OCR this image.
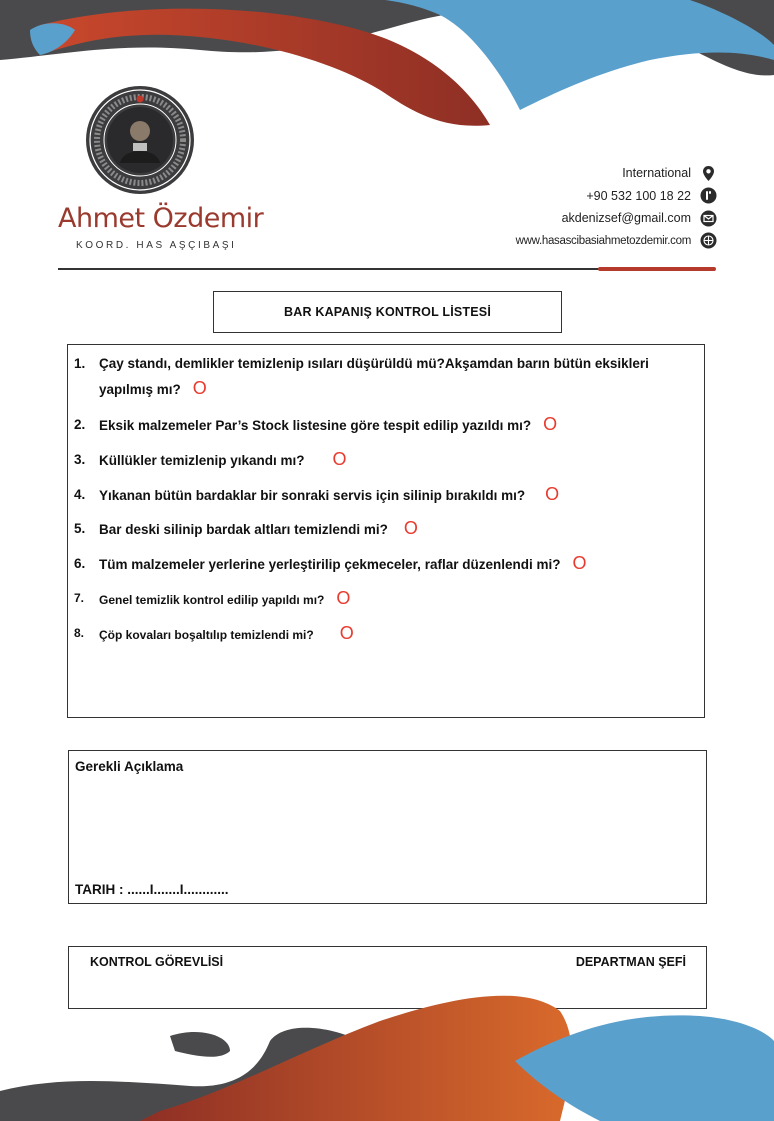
Ahmet Özdemir
KOORD. HAS AŞÇIBAŞI
International
+90 532 100 18 22
akdenizsef@gmail.com
www.hasascibasiahmetozdemir.com
BAR KAPANIŞ KONTROL LİSTESİ
1.	Çay standı, demlikler temizlenip ısıları düşürüldü mü?Akşamdan barın bütün eksikleri yapılmış mı? O
2.	Eksik malzemeler Par’s Stock listesine göre tespit edilip yazıldı mı? O
3.	Küllükler temizlenip yıkandı mı? O
4.	Yıkanan bütün bardaklar bir sonraki servis için silinip bırakıldı mı? O
5.	Bar deski silinip bardak altları temizlendi mi? O
6.	Tüm malzemeler yerlerine yerleştirilip çekmeceler, raflar düzenlendi mi? O
7.	Genel temizlik kontrol edilip yapıldı mı? O
8.	Çöp kovaları boşaltılıp temizlendi mi? O
Gerekli Açıklama
TARIH : ......I.......I............
KONTROL GÖREVLİSİ	DEPARTMAN ŞEFİ
